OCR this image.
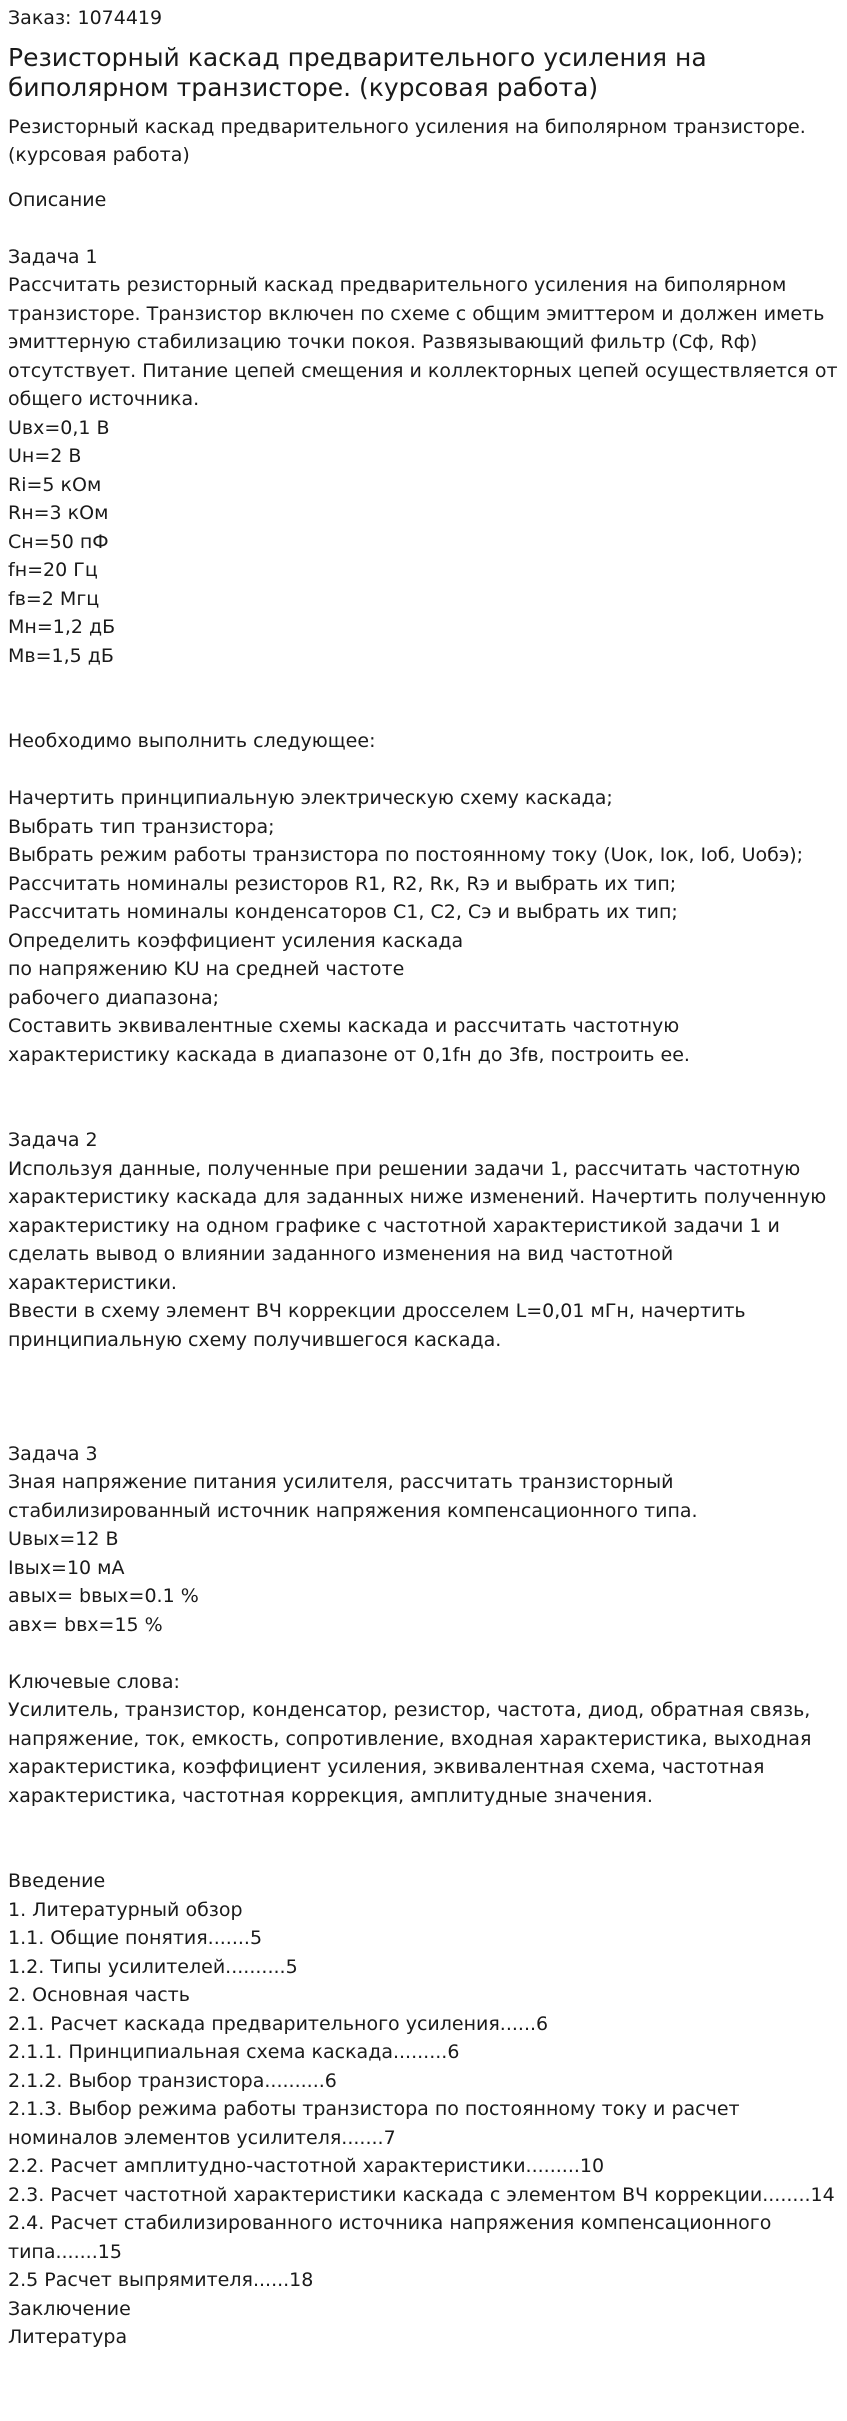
Заказ: 1074419
Резисторный каскад предварительного усиления на биполярном транзисторе. (курсовая работа)

Резисторный каскад предварительного усиления на биполярном транзисторе. (курсовая работа)

Описание

Задача 1

Рассчитать резисторный каскад предварительного усиления на биполярном транзисторе. Транзистор включен по схеме с общим эмиттером и должен иметь эмиттерную стабилизацию точки покоя. Развязывающий фильтр (Сф, Rф) отсутствует. Питание цепей смещения и коллекторных цепей осуществляется от общего источника.

Uвх=0,1 В
Uн=2 В
Ri=5 кОм
Rн=3 кОм
Сн=50 пФ
fн=20 Гц
fв=2 Мгц
Мн=1,2 дБ
Мв=1,5 дБ

Необходимо выполнить следующее:

Начертить принципиальную электрическую схему каскада;

Выбрать тип транзистора;

Выбрать режим работы транзистора по постоянному току (Uок, Iок, Iоб, Uобэ);

Рассчитать номиналы резисторов R1, R2, Rк, Rэ и выбрать их тип;

Рассчитать номиналы конденсаторов C1, C2, Cэ и выбрать их тип;

Определить коэффициент усиления каскада по напряжению KU на средней частоте рабочего диапазона;

Составить эквивалентные схемы каскада и рассчитать частотную характеристику каскада в диапазоне от 0,1fн до 3fв, построить ее.

Задача 2

Используя данные, полученные при решении задачи 1, рассчитать частотную характеристику каскада для заданных ниже изменений. Начертить полученную характеристику на одном графике с частотной характеристикой задачи 1 и сделать вывод о влиянии заданного изменения на вид частотной характеристики.

Ввести в схему элемент ВЧ коррекции дросселем L=0,01 мГн, начертить принципиальную схему получившегося каскада.

Задача 3

Зная напряжение питания усилителя, рассчитать транзисторный стабилизированный источник напряжения компенсационного типа.

Uвых=12 В
Iвых=10 мА
авых= bвых=0.1 %
авх= bвх=15 %

Ключевые слова:

Усилитель, транзистор, конденсатор, резистор, частота, диод, обратная связь, напряжение, ток, емкость, сопротивление, входная характеристика, выходная характеристика, коэффициент усиления, эквивалентная схема, частотная характеристика, частотная коррекция, амплитудные значения.

Введение

1. Литературный обзор

1.1. Общие понятия.......5

1.2. Типы усилителей..........5

2. Основная часть

2.1. Расчет каскада предварительного усиления......6

2.1.1. Принципиальная схема каскада.........6

2.1.2. Выбор транзистора..........6

2.1.3. Выбор режима работы транзистора по постоянному току и расчет номиналов элементов усилителя.......7

2.2. Расчет амплитудно-частотной характеристики.........10

2.3. Расчет частотной характеристики каскада с элементом ВЧ коррекции........14

2.4. Расчет стабилизированного источника напряжения компенсационного типа.......15

2.5 Расчет выпрямителя......18

Заключение

Литература
